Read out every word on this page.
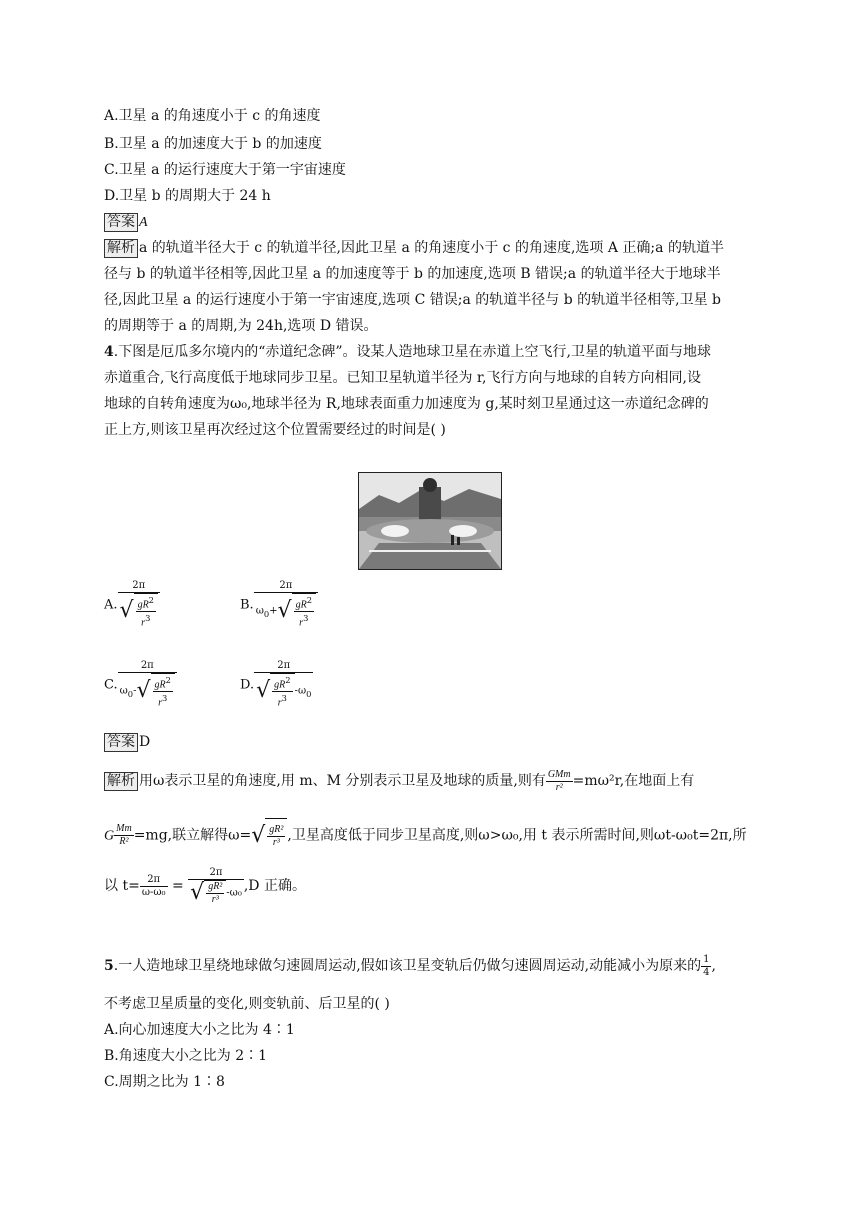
A.卫星 a 的角速度小于 c 的角速度
B.卫星 a 的加速度大于 b 的加速度
C.卫星 a 的运行速度大于第一宇宙速度
D.卫星 b 的周期大于 24 h
答案 A
解析 a 的轨道半径大于 c 的轨道半径,因此卫星 a 的角速度小于 c 的角速度,选项 A 正确;a 的轨道半
径与 b 的轨道半径相等,因此卫星 a 的加速度等于 b 的加速度,选项 B 错误;a 的轨道半径大于地球半
径,因此卫星 a 的运行速度小于第一宇宙速度,选项 C 错误;a 的轨道半径与 b 的轨道半径相等,卫星 b
的周期等于 a 的周期,为 24h,选项 D 错误。
4.下图是厄瓜多尔境内的“赤道纪念碑”。设某人造地球卫星在赤道上空飞行,卫星的轨道平面与地球
赤道重合,飞行高度低于地球同步卫星。已知卫星轨道半径为 r,飞行方向与地球的自转方向相同,设
地球的自转角速度为ω₀,地球半径为 R,地球表面重力加速度为 g,某时刻卫星通过这一赤道纪念碑的
正上方,则该卫星再次经过这个位置需要经过的时间是( )
A. $\frac{2\pi}{√ \frac{gR^2}{r^3}}$	B. $\frac{2\pi}{\omega_0+√ \frac{gR^2}{r^3}}$
C. $\frac{2\pi}{\omega_0-√ \frac{gR^2}{r^3}}$	D. $\frac{2\pi}{√ \frac{gR^2}{r^3} -\omega_0}$
答案 D
解析 用ω表示卫星的角速度,用 m、M 分别表示卫星及地球的质量,则有 $\frac{\text{GMm}}{\text{r²}} =m\omega^2r$,在地面上有
G $\frac{Mm}{\text{R²}} =mg$,联立解得$\omega=√ \frac{\text{gR²}}{\text{r³}}$ ,卫星高度低于同步卫星高度,则ω>ω₀,用 t 表示所需时间,则ωt-ω₀t=2π,所
以 $t= \frac{2\pi}{\text{ω-ω₀}} = \frac{2\pi}{√ \frac{\text{gR²}}{\text{r³}} -\omega_0} ,D$ 正确。
5.一人造地球卫星绕地球做匀速圆周运动,假如该卫星变轨后仍做匀速圆周运动,动能减小为原来的 $\frac{1}{4}$ ,
不考虑卫星质量的变化,则变轨前、后卫星的( )
A.向心加速度大小之比为 4∶1
B.角速度大小之比为 2∶1
C.周期之比为 1∶8
